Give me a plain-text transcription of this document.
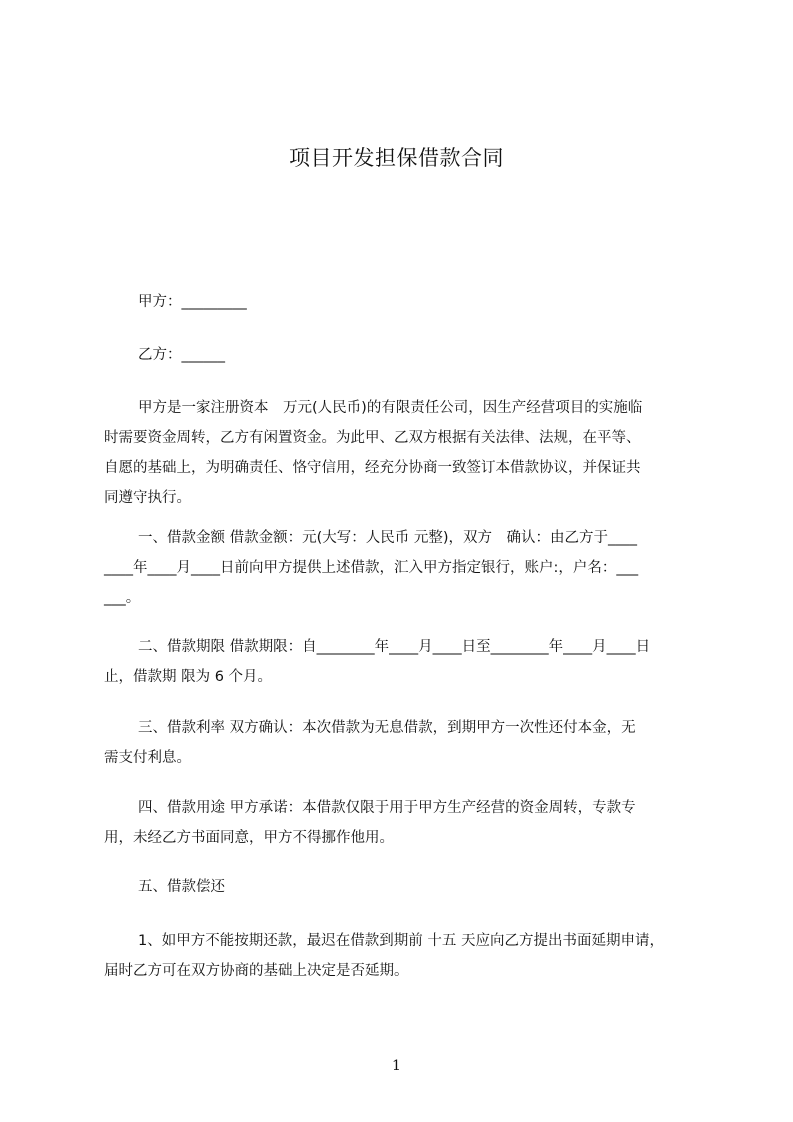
项目开发担保借款合同

甲方：_________

乙方：______

甲方是一家注册资本　万元(人民币)的有限责任公司，因生产经营项目的实施临
时需要资金周转，乙方有闲置资金。为此甲、乙双方根据有关法律、法规，在平等、
自愿的基础上，为明确责任、恪守信用，经充分协商一致签订本借款协议，并保证共
同遵守执行。

一、借款金额 借款金额：元(大写：人民币 元整)，双方　确认：由乙方于____
____年____月____日前向甲方提供上述借款，汇入甲方指定银行，账户:，户名：___
___。

二、借款期限 借款期限：自________年____月____日至________年____月____日
止，借款期 限为 6 个月。

三、借款利率 双方确认：本次借款为无息借款，到期甲方一次性还付本金，无
需支付利息。

四、借款用途 甲方承诺：本借款仅限于用于甲方生产经营的资金周转，专款专
用，未经乙方书面同意，甲方不得挪作他用。

五、借款偿还

1、如甲方不能按期还款，最迟在借款到期前 十五 天应向乙方提出书面延期申请，
届时乙方可在双方协商的基础上决定是否延期。

1
